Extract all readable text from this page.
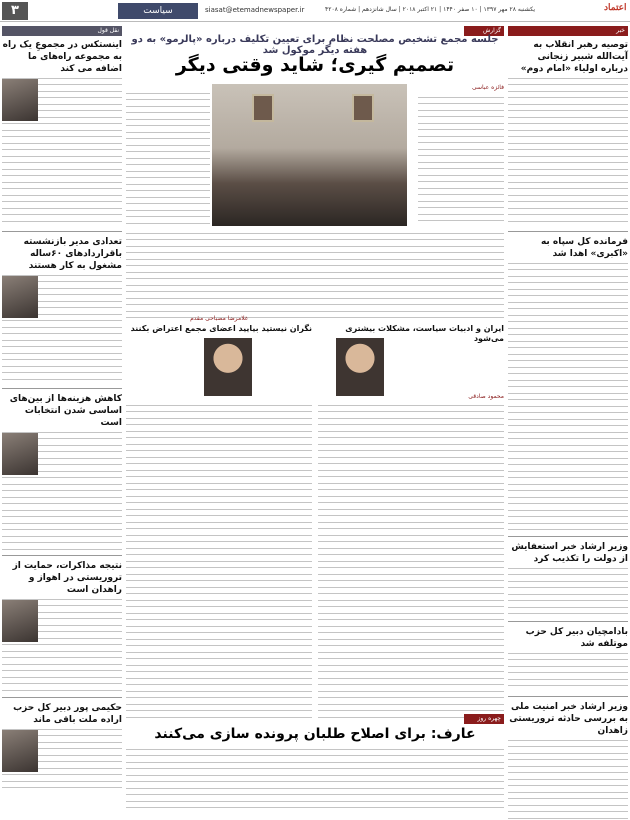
۳	سیاست	siasat@etemadnewspaper.ir	یکشنبه ۲۸ مهر ۱۳۹۷ | ۱۰ صفر ۱۴۴۰ | ۲۱ اکتبر ۲۰۱۸ | سال شانزدهم | شماره ۴۲۰۸	اعتماد
نقل قول
اینستکس در مجموعِ یک راه به مجموعه راه‌های ما اضافه می کند
تعدادی مدیر بازنشسته باقرارداد‌های ۶۰ساله مشغول به کار هستند
کاهش هزینه‌ها از بین‌های اساسی شدن انتخابات است
نتیجه مذاکرات، حمایت از تروریستی در اهواز و راهدان است
حکیمی پور دبیر کل حزب اراده ملت باقی ماند
گزارش
جلسه مجمع تشخیص مصلحت نظام برای تعیین تکلیف درباره «پالرمو» به دو هفته دیگر موکول شد
تصمیم گیری؛ شاید وقتی دیگر
فائزه عباسی
ایران و ادبیات سیاست، مشکلات بیشتری می‌شود
محمود صادقی
نگران نیستید بیایید اعضای مجمع اعتراض بکنند
غلامرضا مصباحی مقدم
چهره روز
عارف: برای اصلاح طلبان پرونده سازی می‌کنند
خبر
توصیه رهبر انقلاب به آیت‌الله شبیر زنجانی درباره اولیاء «امام دوم»
فرمانده کل سپاه به «اکبری» اهدا شد
وزیر ارشاد خبر استعفایش از دولت را تکذیب کرد
بادامچیان دبیر کل حزب موتلفه شد
وزیر ارشاد خبر امنیت ملی به بررسی حادثه تروریستی زاهدان
